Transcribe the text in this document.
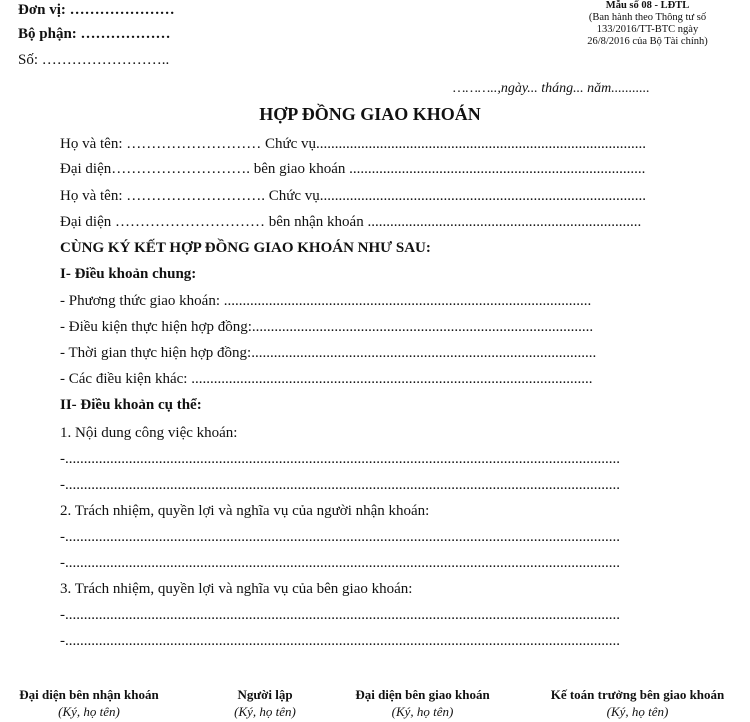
Đơn vị: …………………
Bộ phận: ………………
Số: ……………………..
Mẫu số 08 - LĐTL
(Ban hành theo Thông tư số
133/2016/TT-BTC ngày
26/8/2016 của Bộ Tài chính)
………..,ngày... tháng... năm...........
HỢP ĐỒNG GIAO KHOÁN
Họ và tên: ……………………… Chức vụ........................................................................................
Đại diện………………………. bên giao khoán ...............................................................................
Họ và tên: ………………………. Chức vụ.......................................................................................
Đại diện ………………………… bên nhận khoán .........................................................................
CÙNG KÝ KẾT HỢP ĐỒNG GIAO KHOÁN NHƯ SAU:
I- Điều khoản chung:
- Phương thức giao khoán: ..................................................................................................
- Điều kiện thực hiện hợp đồng:...........................................................................................
- Thời gian thực hiện hợp đồng:............................................................................................
- Các điều kiện khác: ...........................................................................................................
II- Điều khoản cụ thể:
1. Nội dung công việc khoán:
-....................................................................................................................................................
-....................................................................................................................................................
2. Trách nhiệm, quyền lợi và nghĩa vụ của người nhận khoán:
-....................................................................................................................................................
-....................................................................................................................................................
3. Trách nhiệm, quyền lợi và nghĩa vụ của bên giao khoán:
-....................................................................................................................................................
-....................................................................................................................................................
Đại diện bên nhận khoán
(Ký, họ tên)
Người lập
(Ký, họ tên)
Đại diện bên giao khoán
(Ký, họ tên)
Kế toán trưởng bên giao khoán
(Ký, họ tên)
